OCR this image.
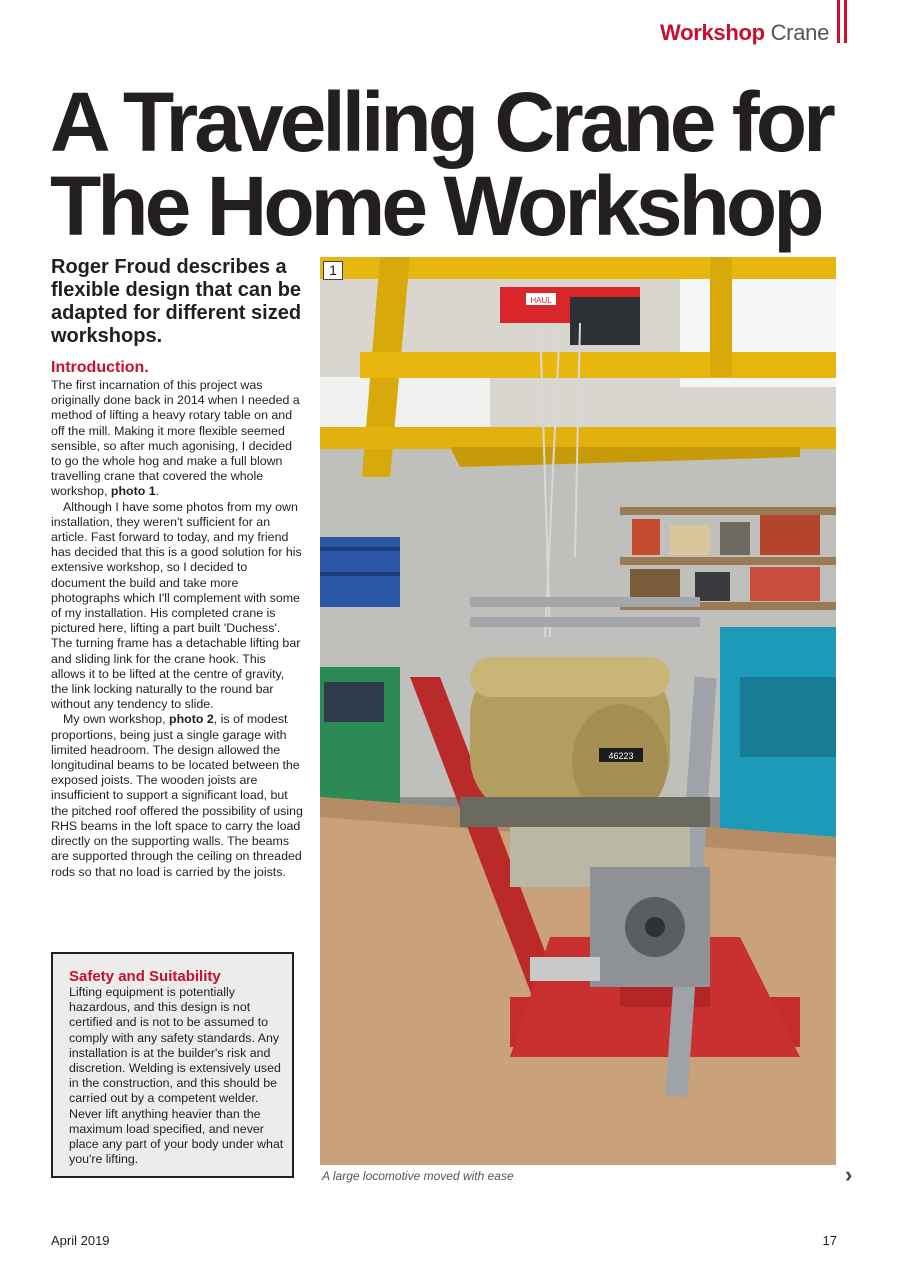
Workshop Crane
A Travelling Crane for
The Home Workshop

Roger Froud describes a flexible design that can be adapted for different sized workshops.

Introduction.

The first incarnation of this project was originally done back in 2014 when I needed a method of lifting a heavy rotary table on and off the mill. Making it more flexible seemed sensible, so after much agonising, I decided to go the whole hog and make a full blown travelling crane that covered the whole workshop, photo 1.

Although I have some photos from my own installation, they weren't sufficient for an article. Fast forward to today, and my friend has decided that this is a good solution for his extensive workshop, so I decided to document the build and take more photographs which I'll complement with some of my installation. His completed crane is pictured here, lifting a part built 'Duchess'. The turning frame has a detachable lifting bar and sliding link for the crane hook. This allows it to be lifted at the centre of gravity, the link locking naturally to the round bar without any tendency to slide.

My own workshop, photo 2, is of modest proportions, being just a single garage with limited headroom. The design allowed the longitudinal beams to be located between the exposed joists. The wooden joists are insufficient to support a significant load, but the pitched roof offered the possibility of using RHS beams in the loft space to carry the load directly on the supporting walls. The beams are supported through the ceiling on threaded rods so that no load is carried by the joists.

Safety and Suitability

Lifting equipment is potentially hazardous, and this design is not certified and is not to be assumed to comply with any safety standards. Any installation is at the builder's risk and discretion. Welding is extensively used in the construction, and this should be carried out by a competent welder. Never lift anything heavier than the maximum load specified, and never place any part of your body under what you're lifting.

HAUL
46223
1
A large locomotive moved with ease	›
April 2019	17
